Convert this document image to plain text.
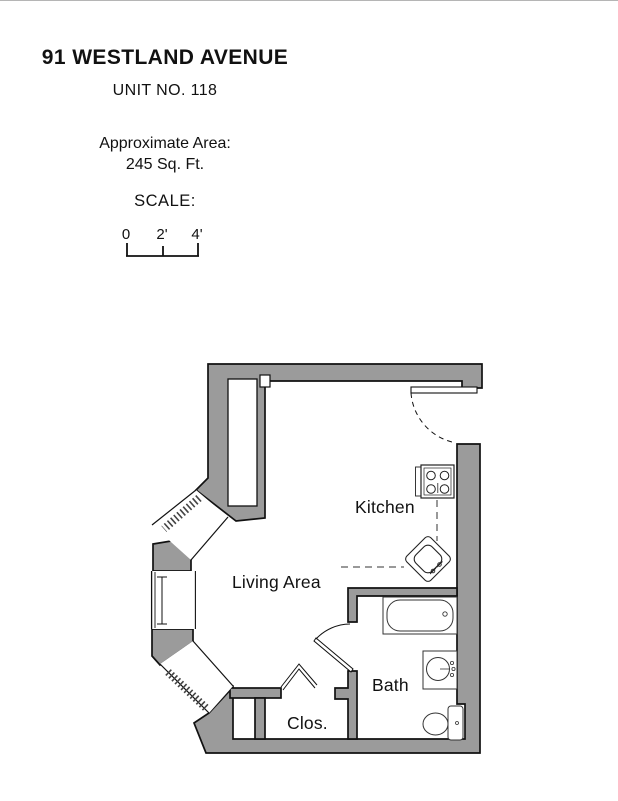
91 WESTLAND AVENUE
UNIT NO. 118
Approximate Area:
245 Sq. Ft.
SCALE:
0 2' 4'
Kitchen
Living Area
Bath
Clos.
